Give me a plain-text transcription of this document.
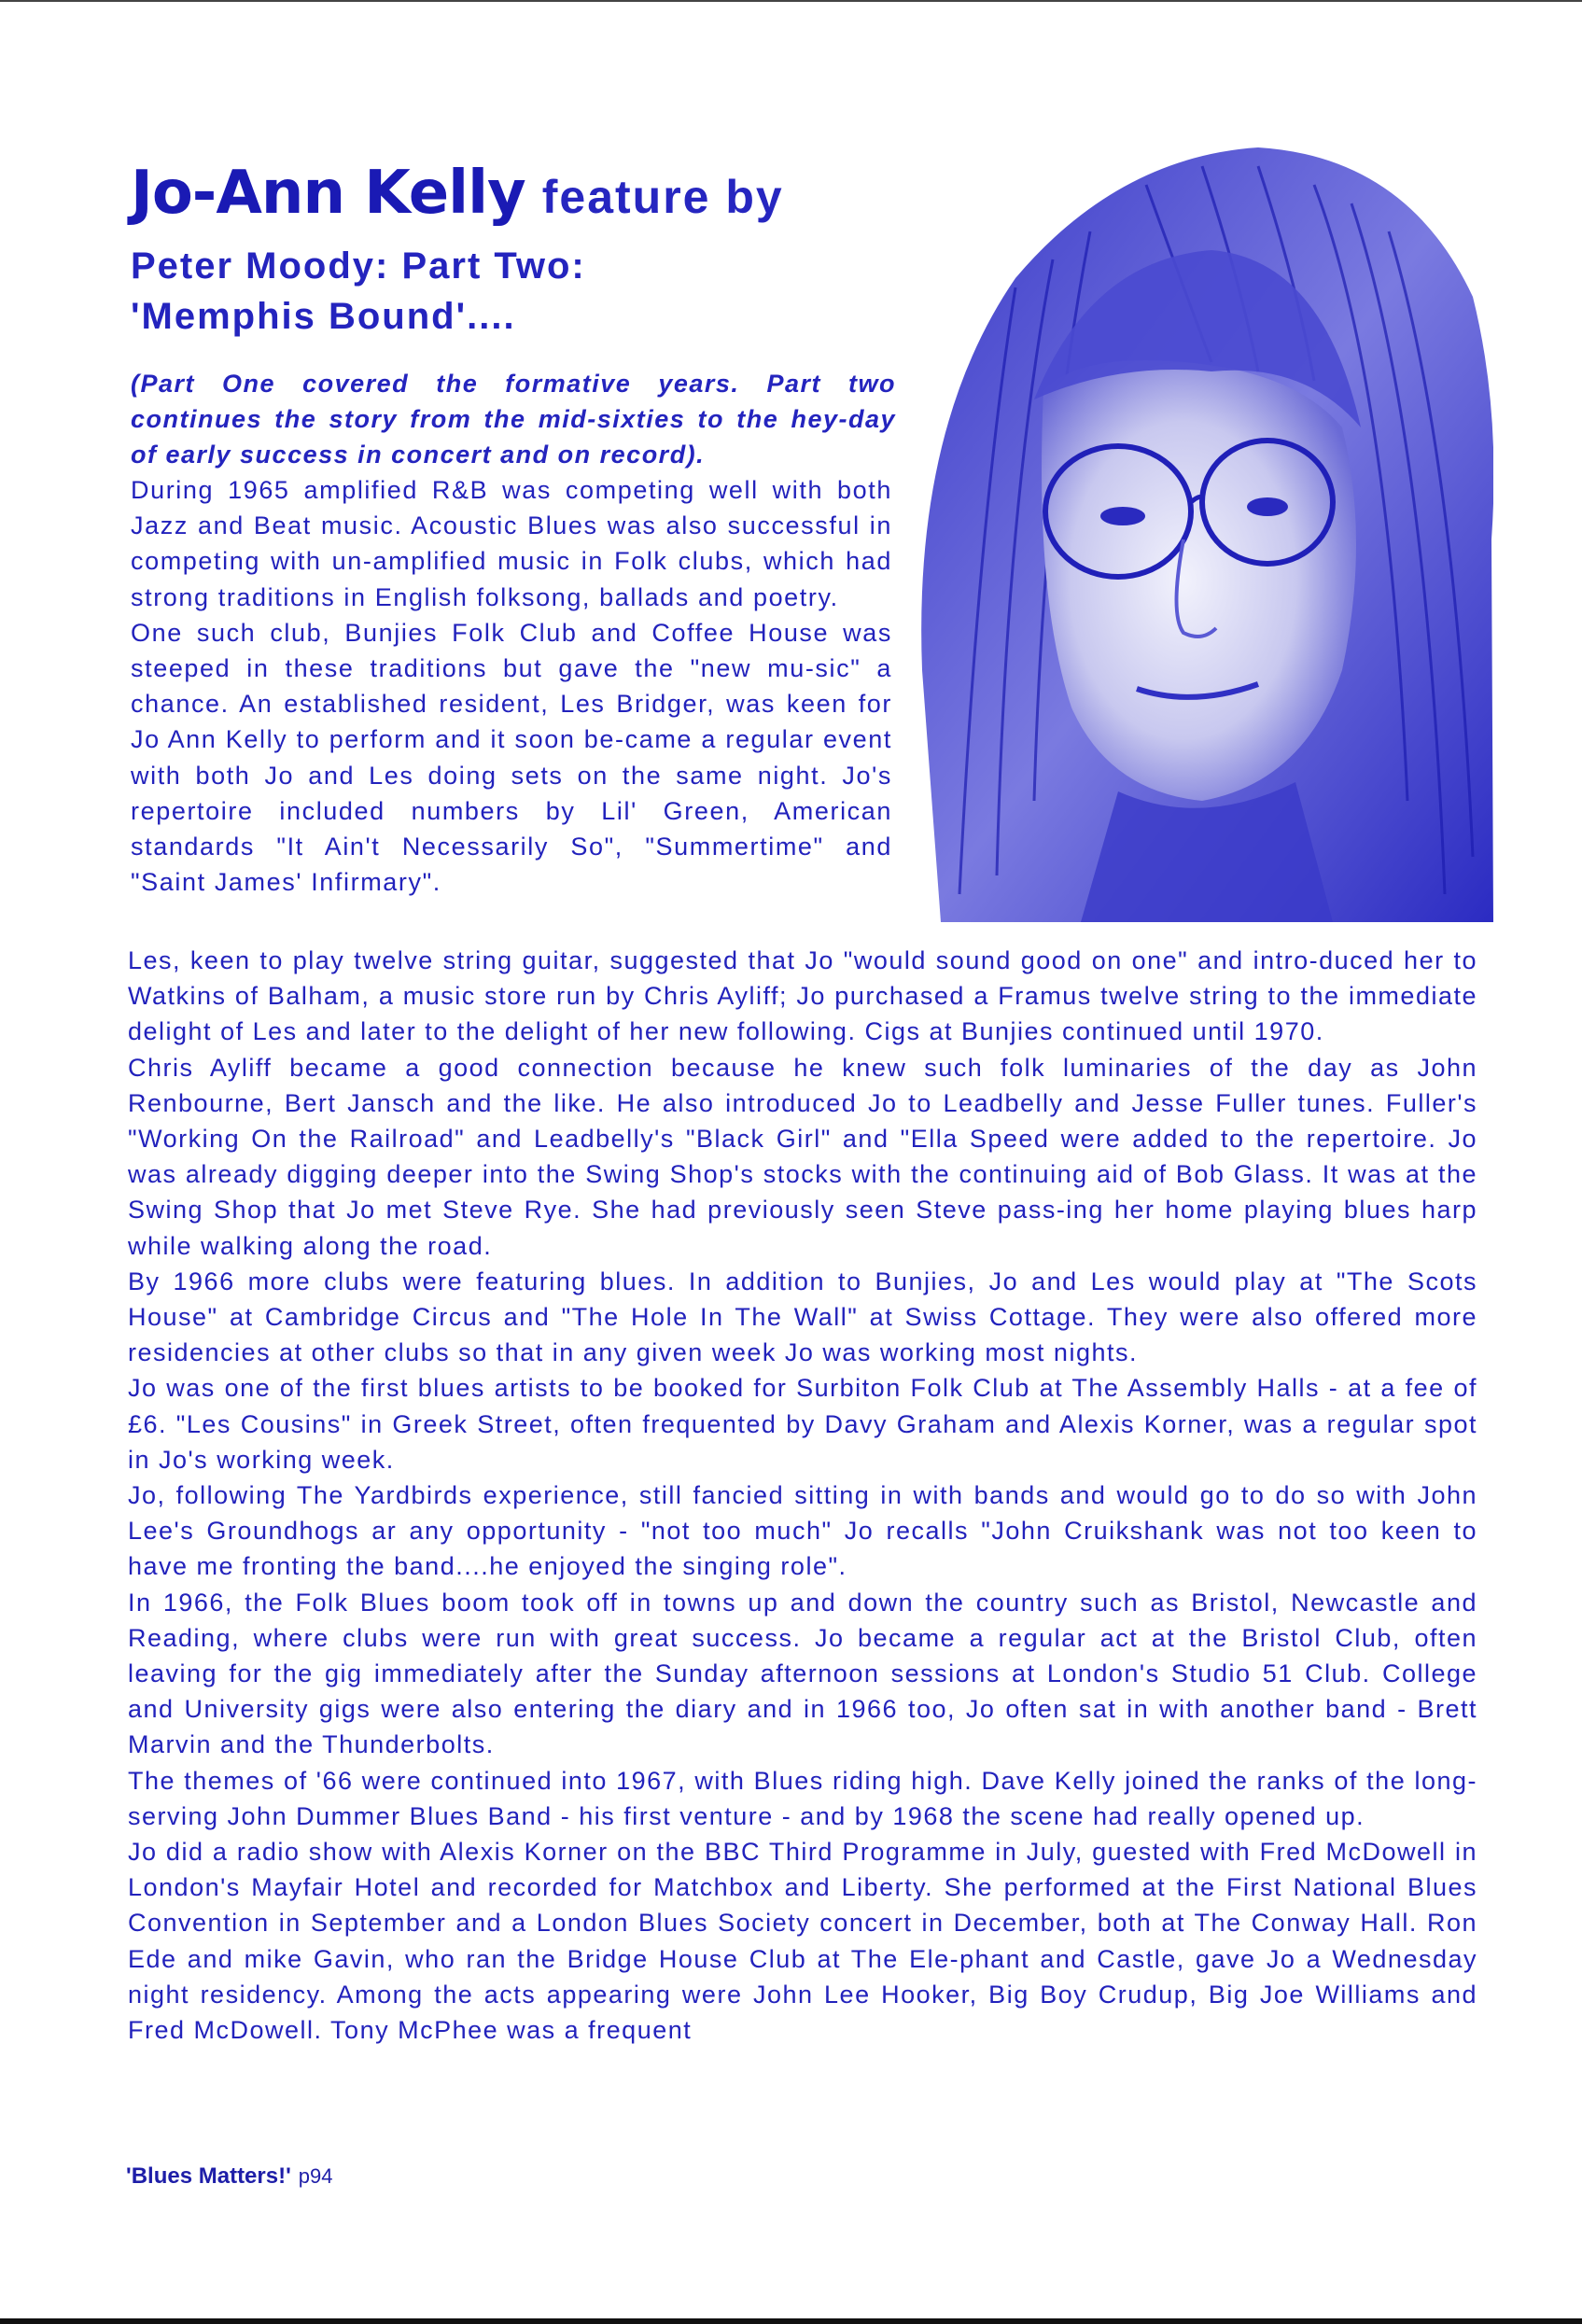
Jo-Ann Kelly feature by
Peter Moody: Part Two:
'Memphis Bound'....
(Part One covered the formative years. Part two continues the story from the mid-sixties to the hey-day of early success in concert and on record).

During 1965 amplified R&B was competing well with both Jazz and Beat music. Acoustic Blues was also successful in competing with un-amplified music in Folk clubs, which had strong traditions in English folksong, ballads and poetry.

One such club, Bunjies Folk Club and Coffee House was steeped in these traditions but gave the "new mu-sic" a chance. An established resident, Les Bridger, was keen for Jo Ann Kelly to perform and it soon be-came a regular event with both Jo and Les doing sets on the same night. Jo's repertoire included numbers by Lil' Green, American standards "It Ain't Necessarily So", "Summertime" and "Saint James' Infirmary".

Les, keen to play twelve string guitar, suggested that Jo "would sound good on one" and intro-duced her to Watkins of Balham, a music store run by Chris Ayliff; Jo purchased a Framus twelve string to the immediate delight of Les and later to the delight of her new following. Cigs at Bunjies continued until 1970.

Chris Ayliff became a good connection because he knew such folk luminaries of the day as John Renbourne, Bert Jansch and the like. He also introduced Jo to Leadbelly and Jesse Fuller tunes. Fuller's "Working On the Railroad" and Leadbelly's "Black Girl" and "Ella Speed were added to the repertoire. Jo was already digging deeper into the Swing Shop's stocks with the continuing aid of Bob Glass. It was at the Swing Shop that Jo met Steve Rye. She had previously seen Steve pass-ing her home playing blues harp while walking along the road.

By 1966 more clubs were featuring blues. In addition to Bunjies, Jo and Les would play at "The Scots House" at Cambridge Circus and "The Hole In The Wall" at Swiss Cottage. They were also offered more residencies at other clubs so that in any given week Jo was working most nights.

Jo was one of the first blues artists to be booked for Surbiton Folk Club at The Assembly Halls - at a fee of £6. "Les Cousins" in Greek Street, often frequented by Davy Graham and Alexis Korner, was a regular spot in Jo's working week.

Jo, following The Yardbirds experience, still fancied sitting in with bands and would go to do so with John Lee's Groundhogs ar any opportunity - "not too much" Jo recalls "John Cruikshank was not too keen to have me fronting the band....he enjoyed the singing role".

In 1966, the Folk Blues boom took off in towns up and down the country such as Bristol, Newcastle and Reading, where clubs were run with great success. Jo became a regular act at the Bristol Club, often leaving for the gig immediately after the Sunday afternoon sessions at London's Studio 51 Club. College and University gigs were also entering the diary and in 1966 too, Jo often sat in with another band - Brett Marvin and the Thunderbolts.

The themes of '66 were continued into 1967, with Blues riding high. Dave Kelly joined the ranks of the long-serving John Dummer Blues Band - his first venture - and by 1968 the scene had really opened up.

Jo did a radio show with Alexis Korner on the BBC Third Programme in July, guested with Fred McDowell in London's Mayfair Hotel and recorded for Matchbox and Liberty. She performed at the First National Blues Convention in September and a London Blues Society concert in December, both at The Conway Hall. Ron Ede and mike Gavin, who ran the Bridge House Club at The Ele-phant and Castle, gave Jo a Wednesday night residency. Among the acts appearing were John Lee Hooker, Big Boy Crudup, Big Joe Williams and Fred McDowell. Tony McPhee was a frequent

'Blues Matters!' p94
